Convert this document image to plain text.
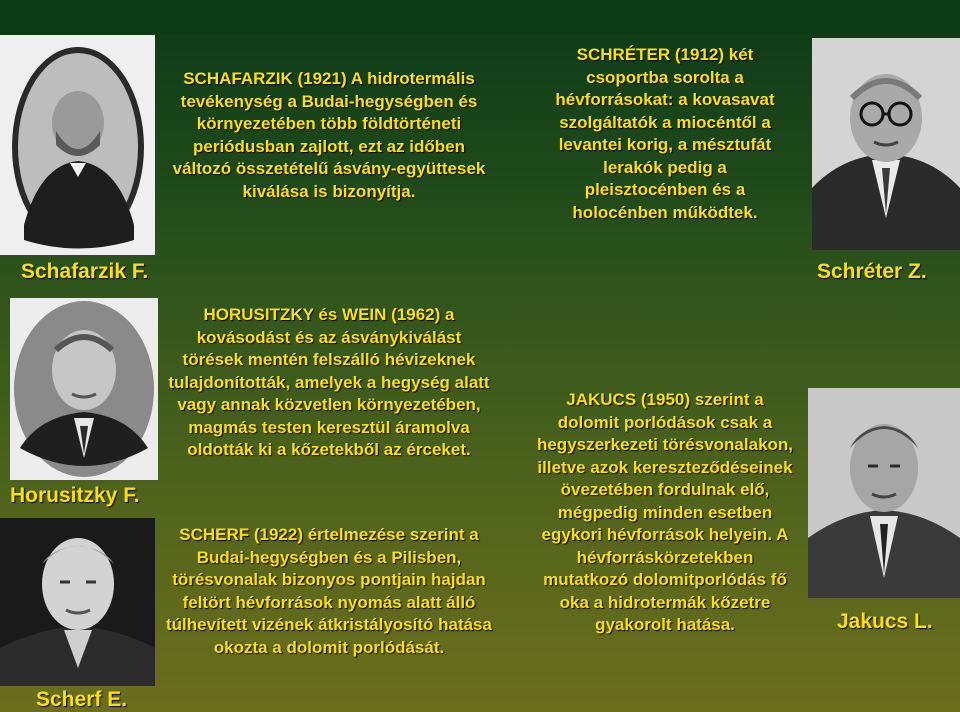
SCHAFARZIK (1921) A hidrotermális tevékenység a Budai-hegységben és környezetében több földtörténeti periódusban zajlott, ezt az időben változó összetételű ásvány-együttesek kiválása is bizonyítja.
SCHRÉTER (1912) két csoportba sorolta a hévforrásokat: a kovasavat szolgáltatók a miocéntől a levantei korig, a mésztufát lerakók pedig a pleisztocénben és a holocénben működtek.
HORUSITZKY és WEIN (1962) a kovásodást és az ásványkiválást törések mentén felszálló hévizeknek tulajdonították, amelyek a hegység alatt vagy annak közvetlen környezetében, magmás testen keresztül áramolva oldották ki a kőzetekből az érceket.
SCHERF (1922) értelmezése szerint a Budai-hegységben és a Pilisben, törésvonalak bizonyos pontjain hajdan feltört hévforrások nyomás alatt álló túlhevített vizének átkristályosító hatása okozta a dolomit porlódását.
JAKUCS (1950) szerint a dolomit porlódások csak a hegyszerkezeti törésvonalakon, illetve azok kereszteződéseinek övezetében fordulnak elő, mégpedig minden esetben egykori hévforrások helyein. A hévforráskörzetekben mutatkozó dolomitporlódás fő oka a hidrotermák kőzetre gyakorolt hatása.
Schafarzik F.	Schréter Z.
Horusitzky F.
Scherf E.
Jakucs L.
